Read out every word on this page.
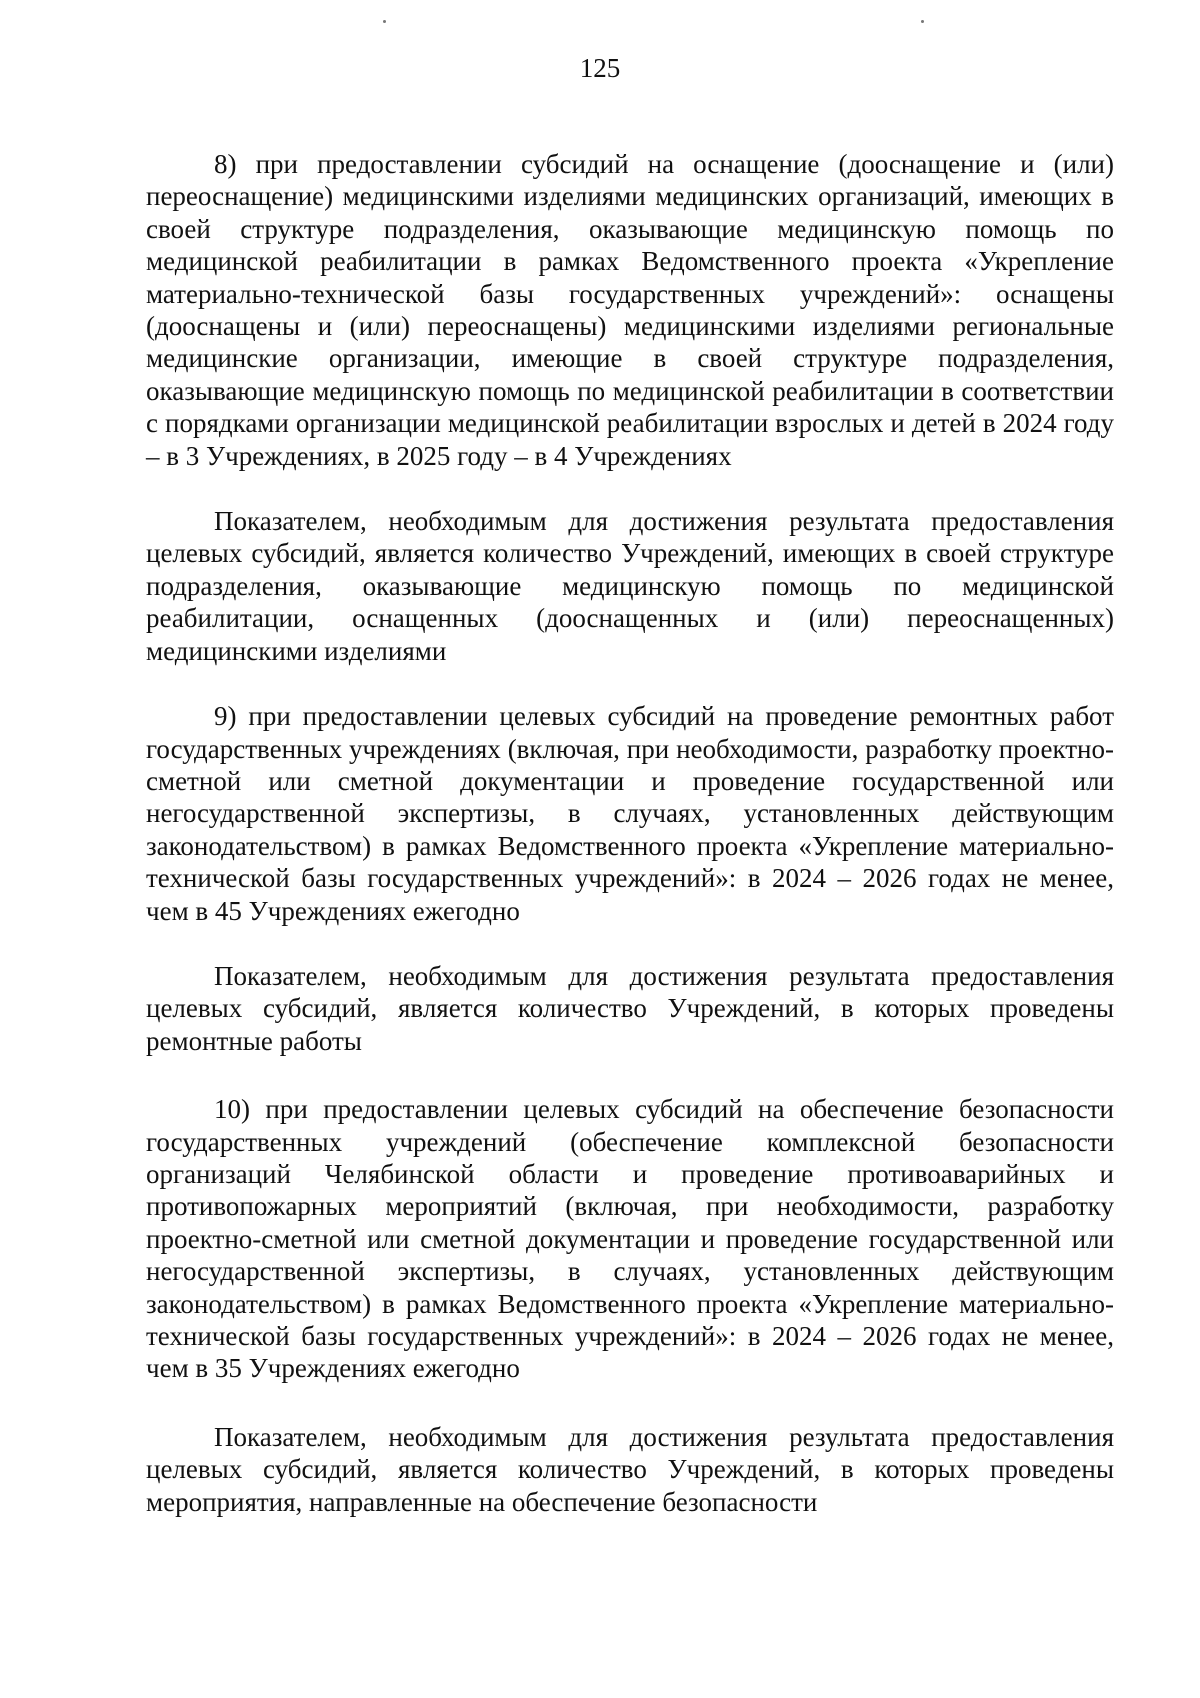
125

8) при предоставлении субсидий на оснащение (дооснащение и (или) переоснащение) медицинскими изделиями медицинских организаций, имеющих в своей структуре подразделения, оказывающие медицинскую помощь по медицинской реабилитации в рамках Ведомственного проекта «Укрепление материально-технической базы государственных учреждений»: оснащены (дооснащены и (или) переоснащены) медицинскими изделиями региональные медицинские организации, имеющие в своей структуре подразделения, оказывающие медицинскую помощь по медицинской реабилитации в соответствии с порядками организации медицинской реабилитации взрослых и детей в 2024 году – в 3 Учреждениях, в 2025 году – в 4 Учреждениях

Показателем, необходимым для достижения результата предоставления целевых субсидий, является количество Учреждений, имеющих в своей структуре подразделения, оказывающие медицинскую помощь по медицинской реабилитации, оснащенных (дооснащенных и (или) переоснащенных) медицинскими изделиями

9) при предоставлении целевых субсидий на проведение ремонтных работ государственных учреждениях (включая, при необходимости, разработку проектно-сметной или сметной документации и проведение государственной или негосударственной экспертизы, в случаях, установленных действующим законодательством) в рамках Ведомственного проекта «Укрепление материально-технической базы государственных учреждений»: в 2024 – 2026 годах не менее, чем в 45 Учреждениях ежегодно

Показателем, необходимым для достижения результата предоставления целевых субсидий, является количество Учреждений, в которых проведены ремонтные работы

10) при предоставлении целевых субсидий на обеспечение безопасности государственных учреждений (обеспечение комплексной безопасности организаций Челябинской области и проведение противоаварийных и противопожарных мероприятий (включая, при необходимости, разработку проектно-сметной или сметной документации и проведение государственной или негосударственной экспертизы, в случаях, установленных действующим законодательством) в рамках Ведомственного проекта «Укрепление материально-технической базы государственных учреждений»: в 2024 – 2026 годах не менее, чем в 35 Учреждениях ежегодно

Показателем, необходимым для достижения результата предоставления целевых субсидий, является количество Учреждений, в которых проведены мероприятия, направленные на обеспечение безопасности
